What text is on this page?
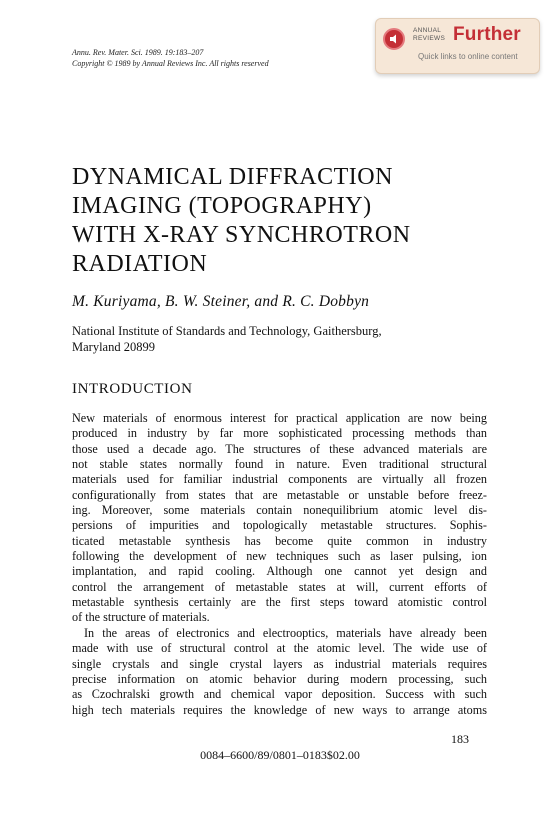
Annu. Rev. Mater. Sci. 1989. 19:183–207
Copyright © 1989 by Annual Reviews Inc. All rights reserved
ANNUAL
REVIEWS Further
Quick links to online content
DYNAMICAL DIFFRACTION
IMAGING (TOPOGRAPHY)
WITH X-RAY SYNCHROTRON
RADIATION
M. Kuriyama, B. W. Steiner, and R. C. Dobbyn
National Institute of Standards and Technology, Gaithersburg,
Maryland 20899
INTRODUCTION
New materials of enormous interest for practical application are now being
produced in industry by far more sophisticated processing methods than
those used a decade ago. The structures of these advanced materials are
not stable states normally found in nature. Even traditional structural
materials used for familiar industrial components are virtually all frozen
configurationally from states that are metastable or unstable before freez-
ing. Moreover, some materials contain nonequilibrium atomic level dis-
persions of impurities and topologically metastable structures. Sophis-
ticated metastable synthesis has become quite common in industry
following the development of new techniques such as laser pulsing, ion
implantation, and rapid cooling. Although one cannot yet design and
control the arrangement of metastable states at will, current efforts of
metastable synthesis certainly are the first steps toward atomistic control
of the structure of materials.
In the areas of electronics and electrooptics, materials have already been
made with use of structural control at the atomic level. The wide use of
single crystals and single crystal layers as industrial materials requires
precise information on atomic behavior during modern processing, such
as Czochralski growth and chemical vapor deposition. Success with such
high tech materials requires the knowledge of new ways to arrange atoms
183
0084–6600/89/0801–0183$02.00
